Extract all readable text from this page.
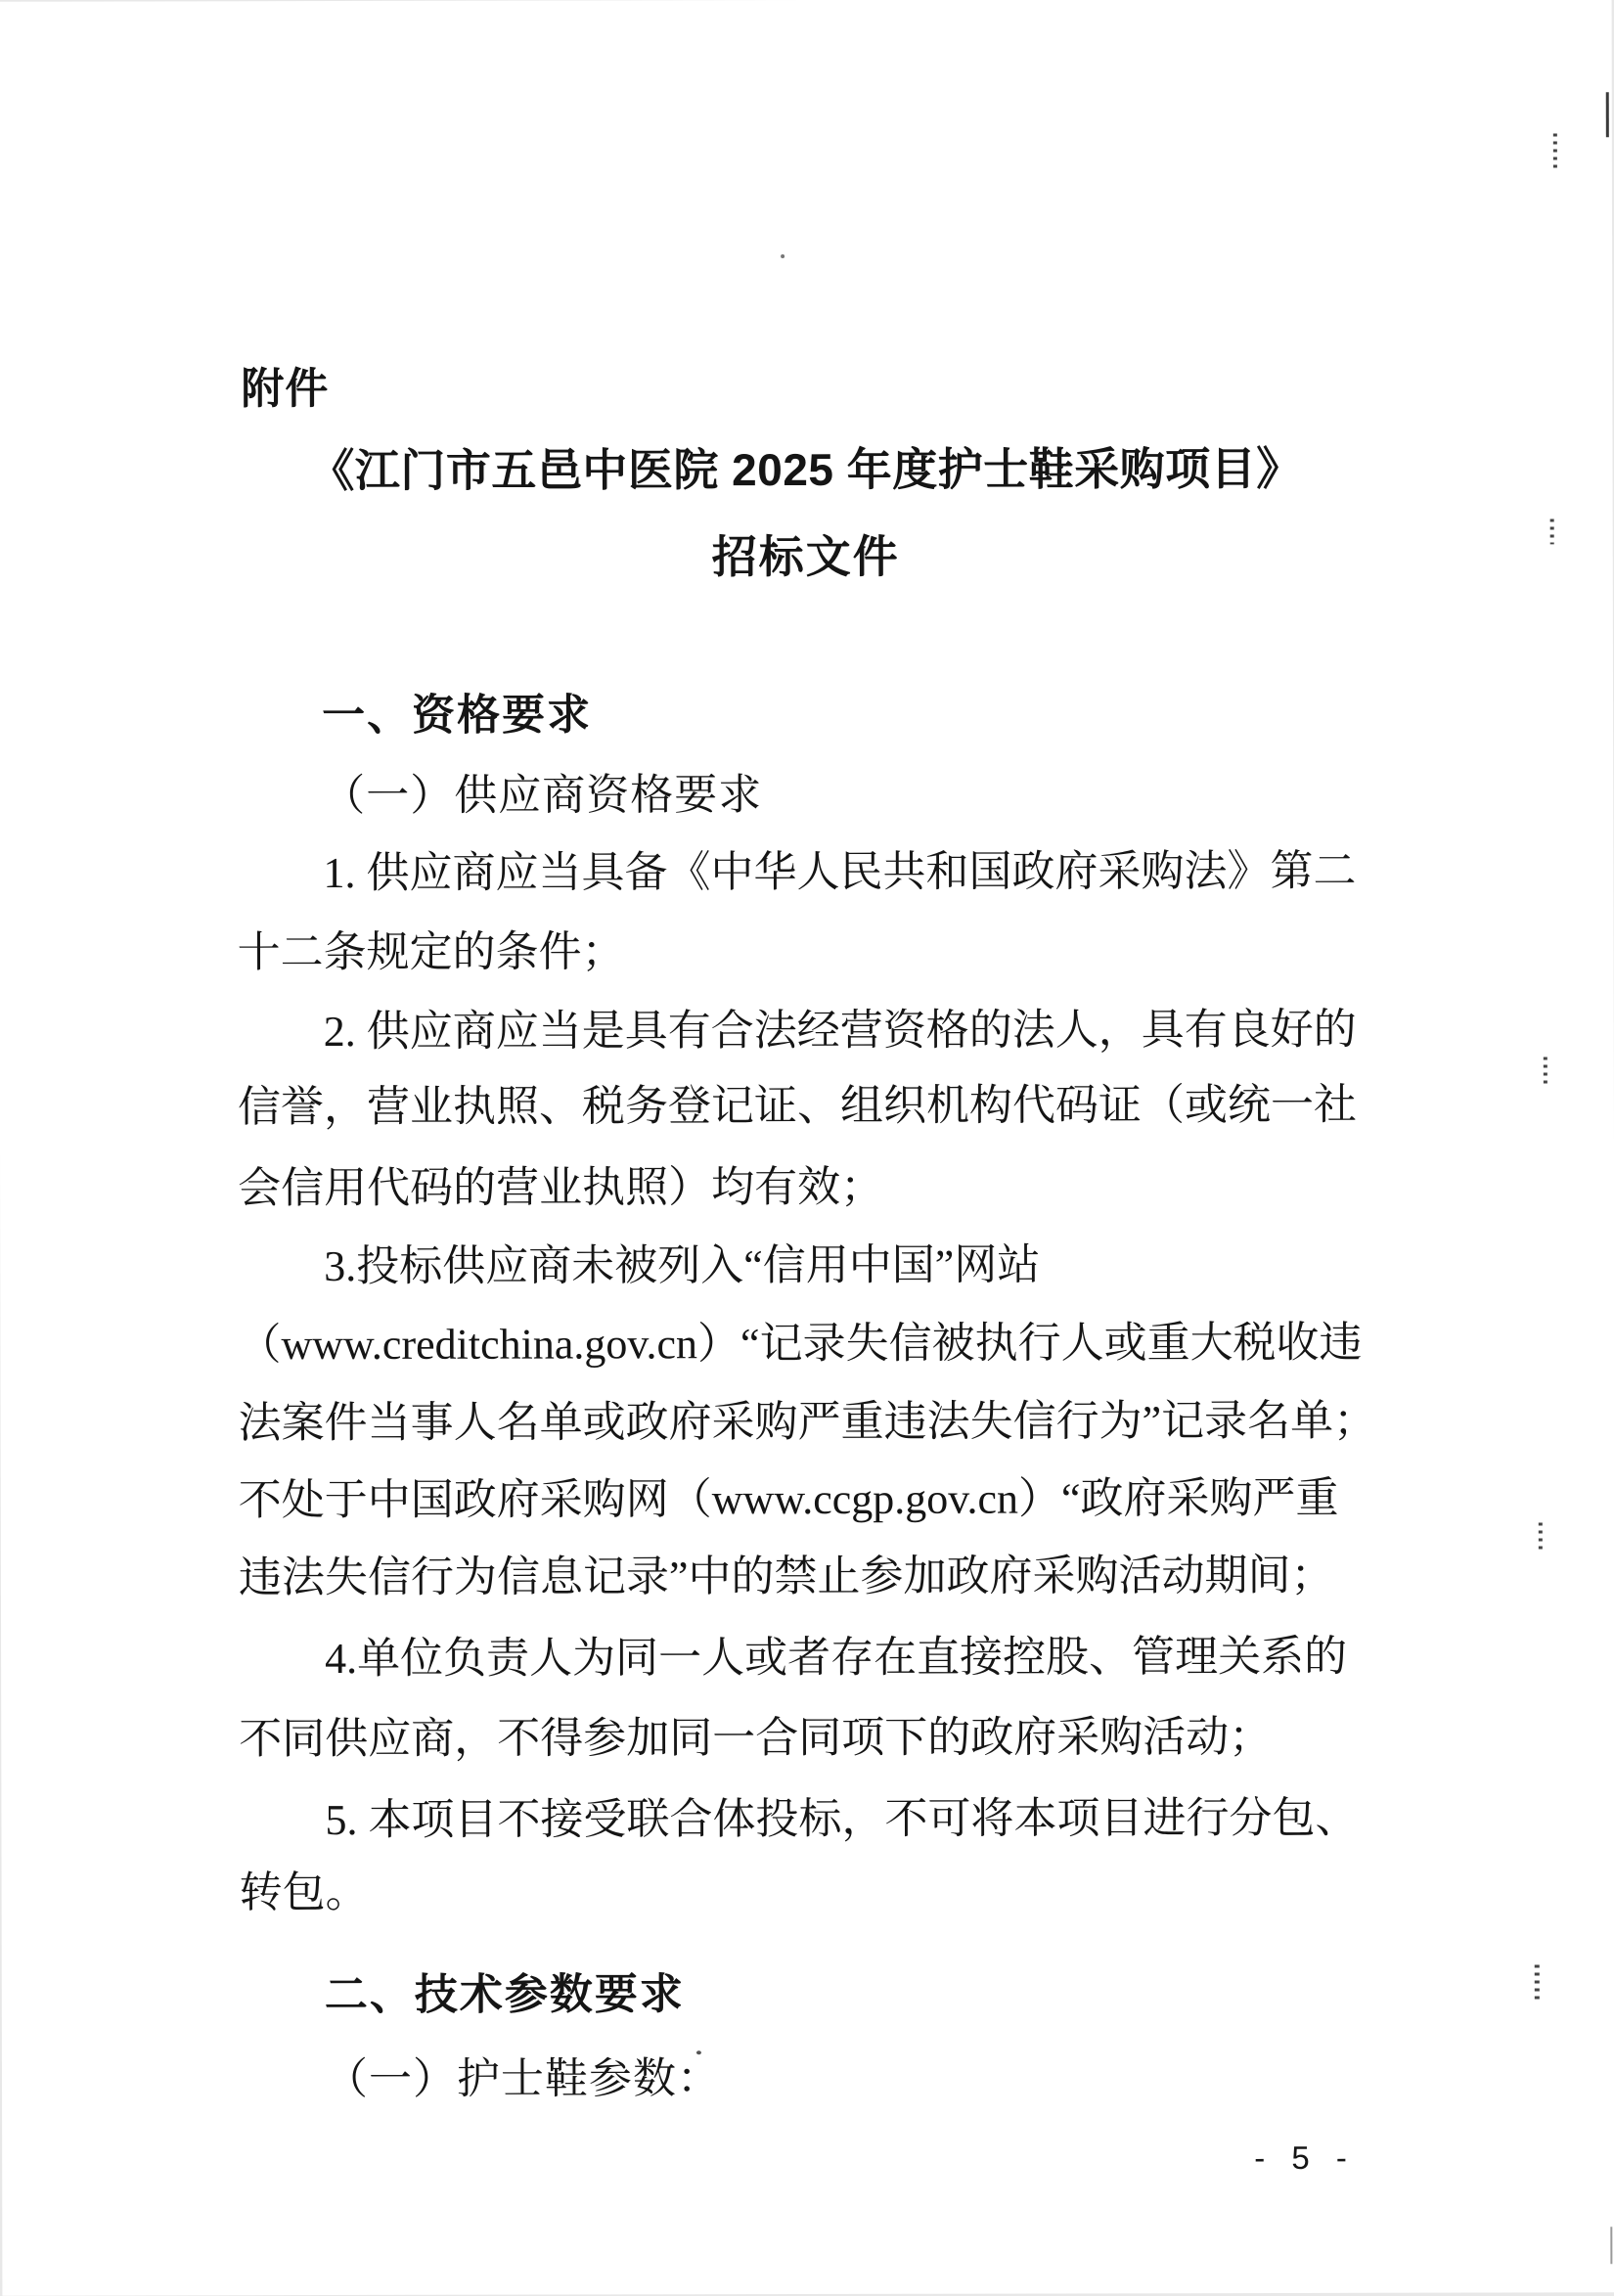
附件
《江门市五邑中医院 2025 年度护士鞋采购项目》
招标文件
一、资格要求
（一）供应商资格要求
1. 供应商应当具备《中华人民共和国政府采购法》第二
十二条规定的条件；
2. 供应商应当是具有合法经营资格的法人，具有良好的
信誉，营业执照、税务登记证、组织机构代码证（或统一社
会信用代码的营业执照）均有效；
3.投标供应商未被列入“信用中国”网站
（www.creditchina.gov.cn）“记录失信被执行人或重大税收违
法案件当事人名单或政府采购严重违法失信行为”记录名单；
不处于中国政府采购网（www.ccgp.gov.cn）“政府采购严重
违法失信行为信息记录”中的禁止参加政府采购活动期间；
4.单位负责人为同一人或者存在直接控股、管理关系的
不同供应商，不得参加同一合同项下的政府采购活动；
5. 本项目不接受联合体投标，不可将本项目进行分包、
转包。
二、技术参数要求
（一）护士鞋参数：
- 5 -
